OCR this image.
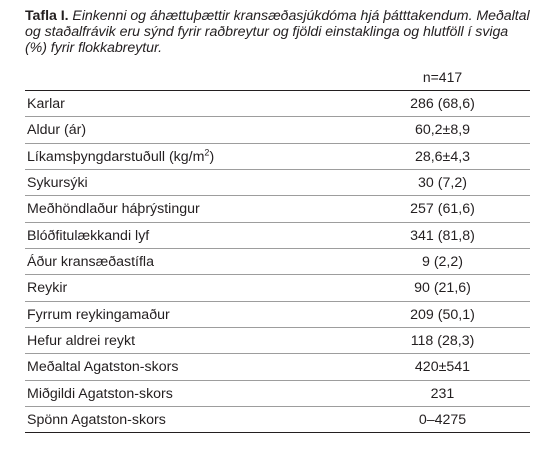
Tafla I. Einkenni og áhættuþættir kransæðasjúkdóma hjá þátttakendum. Meðaltal og staðalfrávik eru sýnd fyrir raðbreytur og fjöldi einstaklinga og hlutföll í sviga (%) fyrir flokkabreytur.
n=417
Karlar	286 (68,6)
Aldur (ár)	60,2±8,9
Líkamsþyngdarstuðull $(kg/m^2)$	28,6±4,3
Sykursýki	30 (7,2)
Meðhöndlaður háþrýstingur	257 (61,6)
Blóðfitulækkandi lyf	341 (81,8)
Áður kransæðastífla	9 (2,2)
Reykir	90 (21,6)
Fyrrum reykingamaður	209 (50,1)
Hefur aldrei reykt	118 (28,3)
Meðaltal Agatston-skors	420±541
Miðgildi Agatston-skors	231
Spönn Agatston-skors	0–4275
